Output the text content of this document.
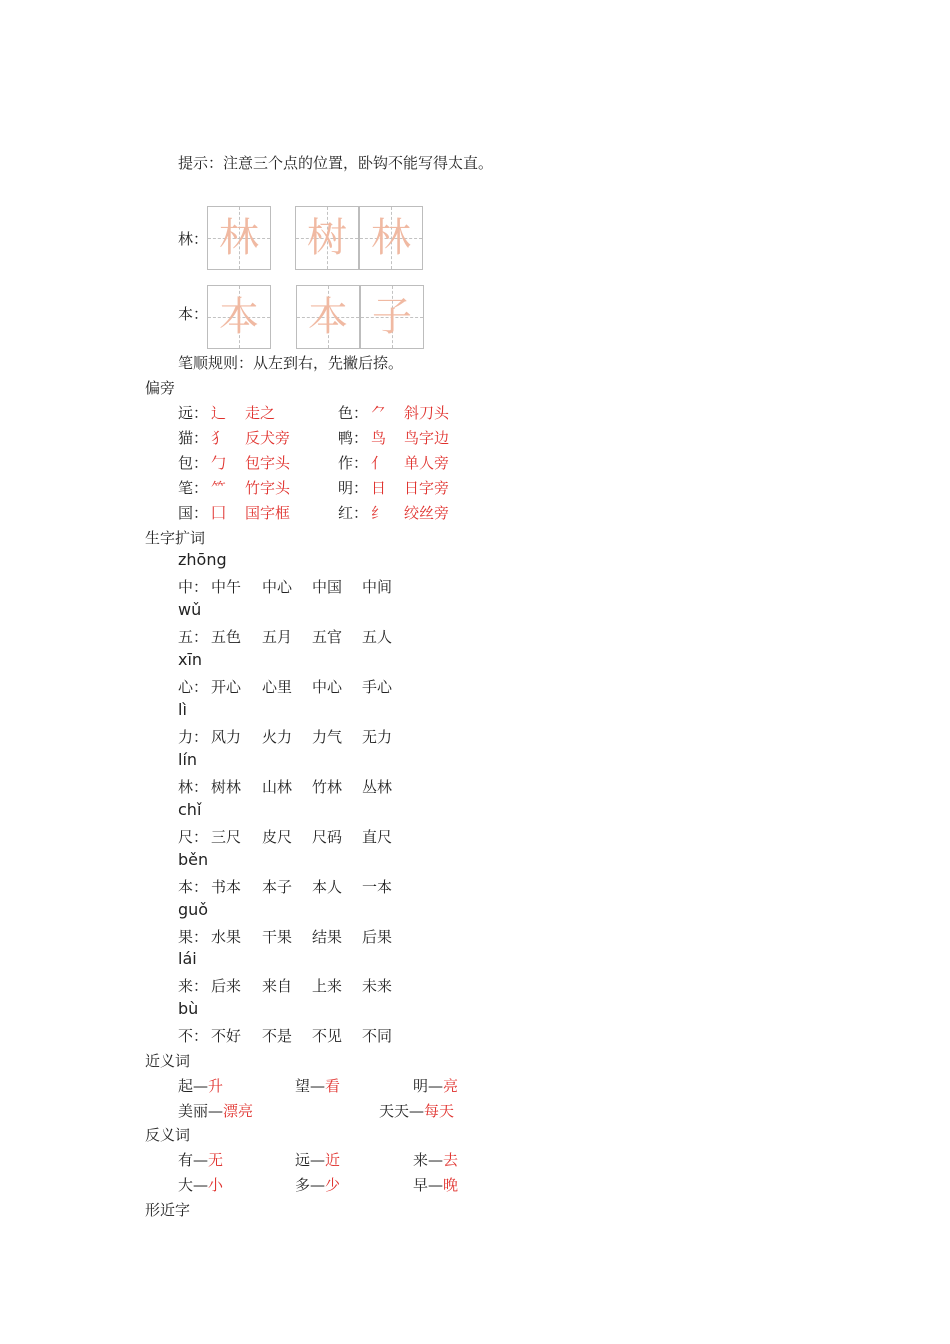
提示：注意三个点的位置，卧钩不能写得太直。
林： 林 树 林
本： 本 本 子
笔顺规则：从左到右，先撇后捺。
偏旁
远： 辶 走之	色： ⺈ 斜刀头
猫： 犭 反犬旁	鸭： 鸟 鸟字边
包： 勹 包字头	作： 亻 单人旁
笔： ⺮ 竹字头	明： 日 日字旁
国： 囗 国字框	红： 纟 绞丝旁
生字扩词
zhōng
中： 中午 中心 中国 中间
wǔ
五： 五色 五月 五官 五人
xīn
心： 开心 心里 中心 手心
lì
力： 风力 火力 力气 无力
lín
林： 树林 山林 竹林 丛林
chǐ
尺： 三尺 皮尺 尺码 直尺
běn
本： 书本 本子 本人 一本
guǒ
果： 水果 干果 结果 后果
lái
来： 后来 来自 上来 未来
bù
不： 不好 不是 不见 不同
近义词
起—升	望—看	明—亮
美丽—漂亮	天天—每天
反义词
有—无	远—近	来—去
大—小	多—少	早—晚
形近字
